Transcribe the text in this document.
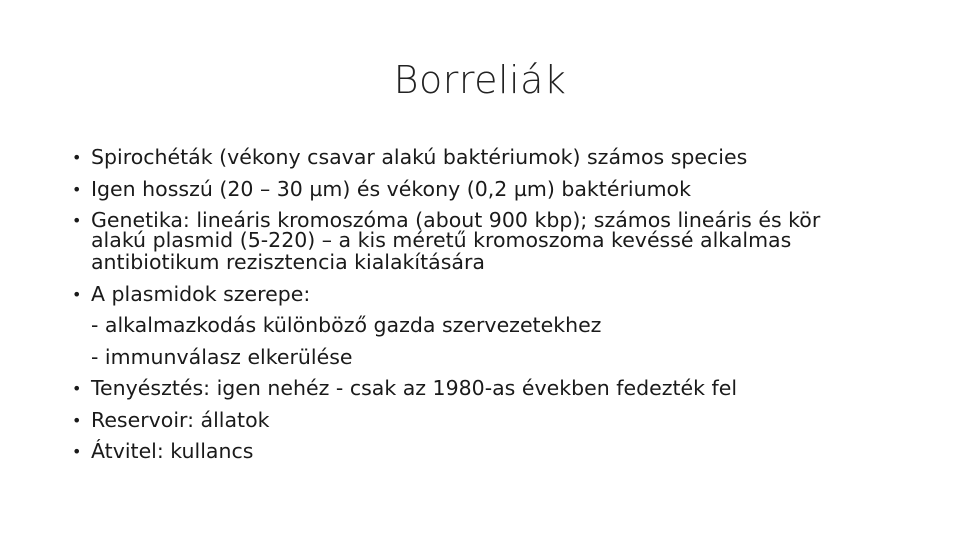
Borreliák
• Spirochéták (vékony csavar alakú baktériumok) számos species
• Igen hosszú (20 – 30 µm) és vékony (0,2 µm) baktériumok
• Genetika: lineáris kromoszóma (about 900 kbp); számos lineáris és kör
alakú plasmid (5-220) – a kis méretű kromoszoma kevéssé alkalmas
antibiotikum rezisztencia kialakítására
• A plasmidok szerepe:
- alkalmazkodás különböző gazda szervezetekhez
- immunválasz elkerülése
• Tenyésztés: igen nehéz - csak az 1980-as években fedezték fel
• Reservoir: állatok
• Átvitel: kullancs
